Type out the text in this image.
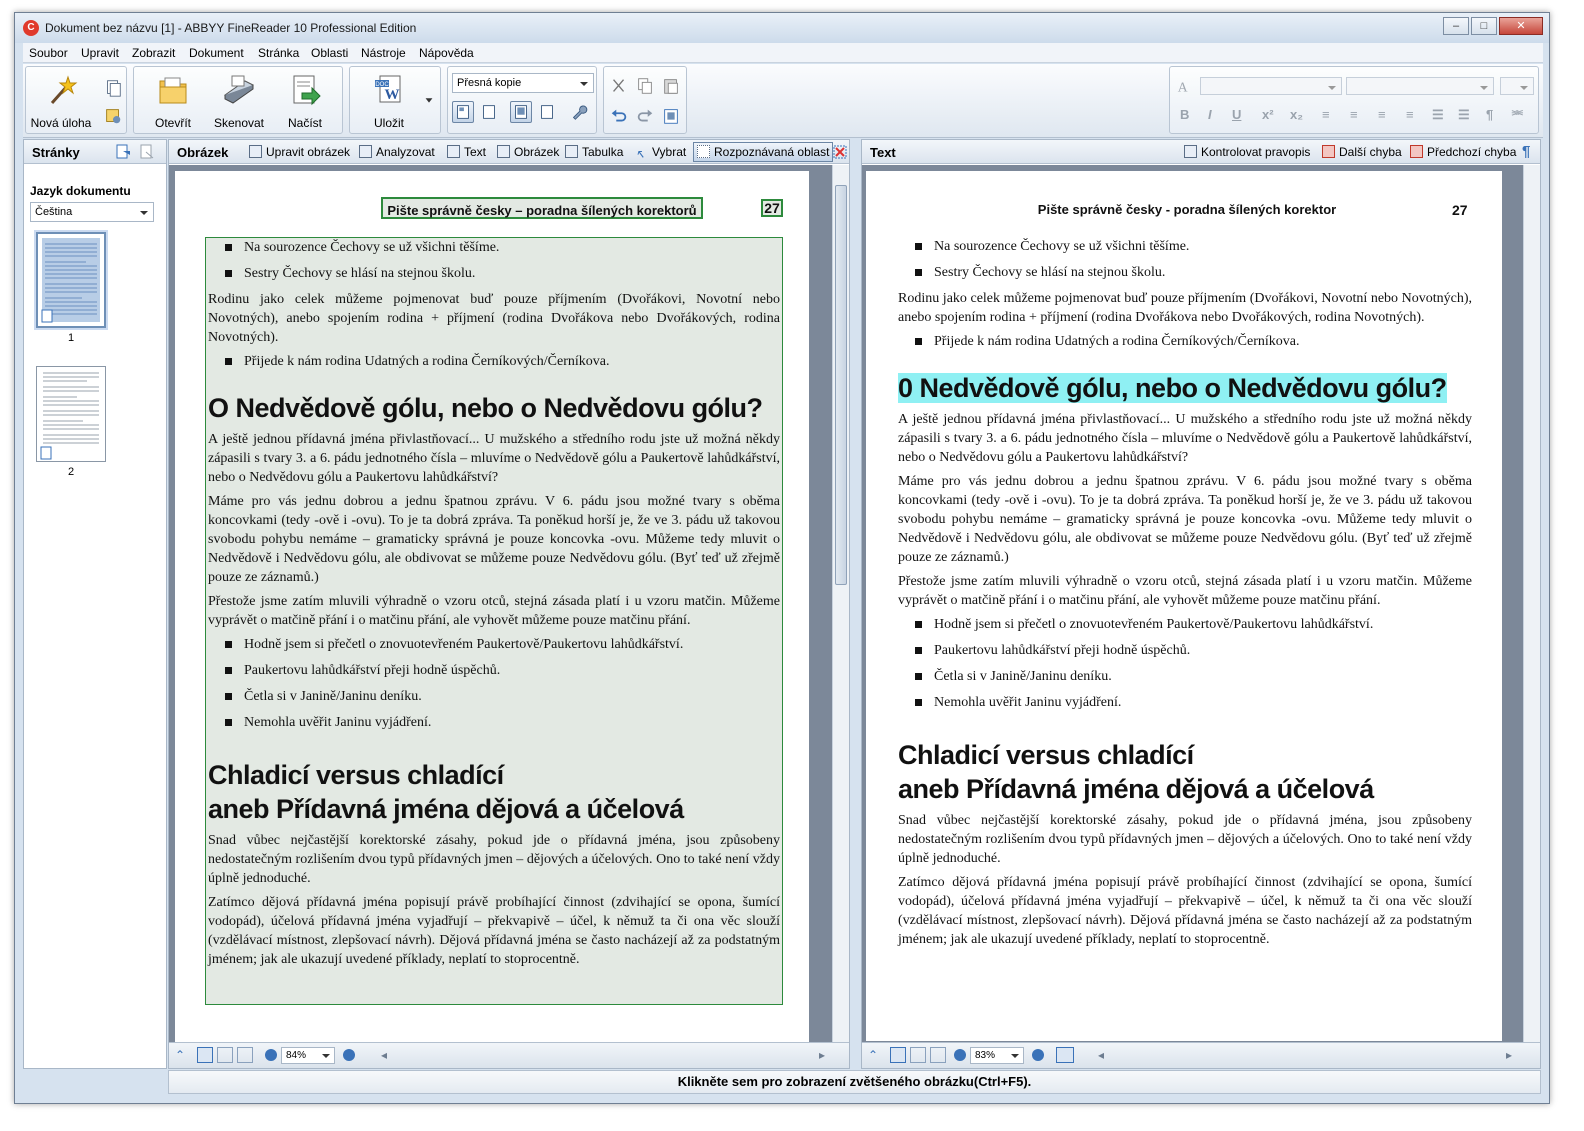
C Dokument bez názvu [1] - ABBYY FineReader 10 Professional Edition	–	□	✕
Soubor Upravit Zobrazit Dokument Stránka Oblasti Nástroje Nápověda
Nová úloha	Otevřít	Skenovat	Načíst
DOC
W
Uložit
Přesná kopie	A
B I U x² x₂ ≡ ≡ ≡ ≡ ☰ ☰ ¶ ⎃
Stránky
Jazyk dokumentu
Čeština
1
2
Obrázek	Upravit obrázek	Analyzovat	Text	Obrázek	Tabulka ↖ Vybrat	Rozpoznávaná oblast
Pište správně česky – poradna šílených korektorů	27
Na sourozence Čechovy se už všichni těšíme.
Sestry Čechovy se hlásí na stejnou školu.

Rodinu jako celek můžeme pojmenovat buď pouze příjmením (Dvořákovi, Novotní nebo Novotných), anebo spojením rodina + příjmení (rodina Dvořákova nebo Dvořákových, rodina Novotných).

Přijede k nám rodina Udatných a rodina Černíkových/Černíkova.
O Nedvědově gólu, nebo o Nedvědovu gólu?

A ještě jednou přídavná jména přivlastňovací... U mužského a středního rodu jste už možná někdy zápasili s tvary 3. a 6. pádu jednotného čísla – mluvíme o Nedvědově gólu a Paukertově lahůdkářství, nebo o Nedvědovu gólu a Paukertovu lahůdkářství?

Máme pro vás jednu dobrou a jednu špatnou zprávu. V 6. pádu jsou možné tvary s oběma koncovkami (tedy -ově i -ovu). To je ta dobrá zpráva. Ta poněkud horší je, že ve 3. pádu už takovou svobodu pohybu nemáme – gramaticky správná je pouze koncovka -ovu. Můžeme tedy mluvit o Nedvědově i Nedvědovu gólu, ale obdivovat se můžeme pouze Nedvědovu gólu. (Byť teď už zřejmě pouze ze záznamů.)

Přestože jsme zatím mluvili výhradně o vzoru otců, stejná zásada platí i u vzoru matčin. Můžeme vyprávět o matčině přání i o matčinu přání, ale vyhovět můžeme pouze matčinu přání.

Hodně jsem si přečetl o znovuotevřeném Paukertově/Paukertovu lahůdkářství.
Paukertovu lahůdkářství přeji hodně úspěchů.
Četla si v Janině/Janinu deníku.
Nemohla uvěřit Janinu vyjádření.
Chladicí versus chladící
aneb Přídavná jména dějová a účelová

Snad vůbec nejčastější korektorské zásahy, pokud jde o přídavná jména, jsou způsobeny nedostatečným rozlišením dvou typů přídavných jmen – dějových a účelových. Ono to také není vždy úplně jednoduché.

Zatímco dějová přídavná jména popisují právě probíhající činnost (zdvihající se opona, šumící vodopád), účelová přídavná jména vyjadřují – překvapivě – účel, k němuž ta či ona věc slouží (vzdělávací místnost, zlepšovací návrh). Dějová přídavná jména se často nacházejí až za podstatným jménem; jak ale ukazují uvedené příklady, neplatí to stoprocentně.

⌃	84%	◂	▸
Text	Kontrolovat pravopis	Další chyba	Předchozí chyba ¶
Pište správně česky - poradna šílených korektor	27
Na sourozence Čechovy se už všichni těšíme.
Sestry Čechovy se hlásí na stejnou školu.

Rodinu jako celek můžeme pojmenovat buď pouze příjmením (Dvořákovi, Novotní nebo Novotných), anebo spojením rodina + příjmení (rodina Dvořákova nebo Dvořákových, rodina Novotných).

Přijede k nám rodina Udatných a rodina Černíkových/Černíkova.
0 Nedvědově gólu, nebo o Nedvědovu gólu?

A ještě jednou přídavná jména přivlastňovací... U mužského a středního rodu jste už možná někdy zápasili s tvary 3. a 6. pádu jednotného čísla – mluvíme o Nedvědově gólu a Paukertově lahůdkářství, nebo o Nedvědovu gólu a Paukertovu lahůdkářství?

Máme pro vás jednu dobrou a jednu špatnou zprávu. V 6. pádu jsou možné tvary s oběma koncovkami (tedy -ově i -ovu). To je ta dobrá zpráva. Ta poněkud horší je, že ve 3. pádu už takovou svobodu pohybu nemáme – gramaticky správná je pouze koncovka -ovu. Můžeme tedy mluvit o Nedvědově i Nedvědovu gólu, ale obdivovat se můžeme pouze Nedvědovu gólu. (Byť teď už zřejmě pouze ze záznamů.)

Přestože jsme zatím mluvili výhradně o vzoru otců, stejná zásada platí i u vzoru matčin. Můžeme vyprávět o matčině přání i o matčinu přání, ale vyhovět můžeme pouze matčinu přání.

Hodně jsem si přečetl o znovuotevřeném Paukertově/Paukertovu lahůdkářství.
Paukertovu lahůdkářství přeji hodně úspěchů.
Četla si v Janině/Janinu deníku.
Nemohla uvěřit Janinu vyjádření.
Chladicí versus chladící
aneb Přídavná jména dějová a účelová

Snad vůbec nejčastější korektorské zásahy, pokud jde o přídavná jména, jsou způsobeny nedostatečným rozlišením dvou typů přídavných jmen – dějových a účelových. Ono to také není vždy úplně jednoduché.

Zatímco dějová přídavná jména popisují právě probíhající činnost (zdvihající se opona, šumící vodopád), účelová přídavná jména vyjadřují – překvapivě – účel, k němuž ta či ona věc slouží (vzdělávací místnost, zlepšovací návrh). Dějová přídavná jména se často nacházejí až za podstatným jménem; jak ale ukazují uvedené příklady, neplatí to stoprocentně.

⌃	83%	◂	▸
Klikněte sem pro zobrazení zvětšeného obrázku(Ctrl+F5).
